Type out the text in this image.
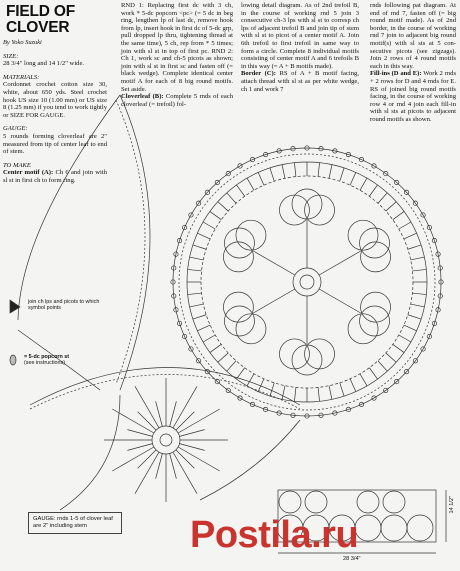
FIELD OF
CLOVER
By Yoko Suzuki
SIZE:

28 3/4" long and 14 1/2" wide.

MATERIALS:

Cordonnet crochet cotton size 30, white, about 650 yds. Steel crochet hook US size 10 (1.00 mm) or US size 8 (1.25 mm) if you tend to work tightly or SIZE FOR GAUGE.

GAUGE:

5 rounds forming cloverleaf are 2" measured from tip of center leaf to end of stem.

TO MAKE

Center motif (A): Ch 6 and join with sl st in first ch to form ring.

RND 1: Replacing first dc with 3 ch, work * 5-dc popcorn <pc> (= 5 dc in beg ring, lengthen lp of last dc, remove hook from lp, insert hook in first dc of 5-dc grp, pull dropped lp thru, tightening thread at the same time), 5 ch, rep from * 5 times; join with sl st in top of first pc. RND 2: Ch 1, work sc and ch-5 picots as shown; join with sl st in first sc and fasten off (= black wedge). Complete identical center motif A for each of 8 big round motifs. Set aside.

Cloverleaf (B): Complete 5 rnds of each cloverleaf (= trefoil) fol-

lowing detail diagram. As of 2nd trefoil B, in the course of working rnd 5 join 3 consecutive ch-3 lps with sl st to corresp ch lps of adjacent trefoil B and join tip of stem with sl st to picot of a center motif A. Join 6th trefoil to first trefoil in same way to form a circle. Complete 8 individual motifs consisting of center motif A and 6 trefoils B in this way (= A + B motifs made).

Border (C): RS of A + B motif facing, attach thread with sl st as per white wedge, ch 1 and work 7

rnds following pat diagram. At end of rnd 7, fasten off (= big round motif made). As of 2nd border, in the course of working rnd 7 join to adjacent big round motif(s) with sl sts at 5 con-secutive picots (see zigzags). Join 2 rows of 4 round motifs each in this way.

Fill-ins (D and E): Work 2 rnds + 2 rows for D and 4 rnds for E. RS of joined big round motifs facing, in the course of working row 4 or rnd 4 join each fill-in with sl sts at picots to adjacent round motifs as shown.

join ch lps and picots to which symbol points
= 5-dc popcorn st
(see instructions)
GAUGE: rnds 1-5 of clover leaf are 2" including stem
28 3/4"
14 1/2"
Postila.ru
